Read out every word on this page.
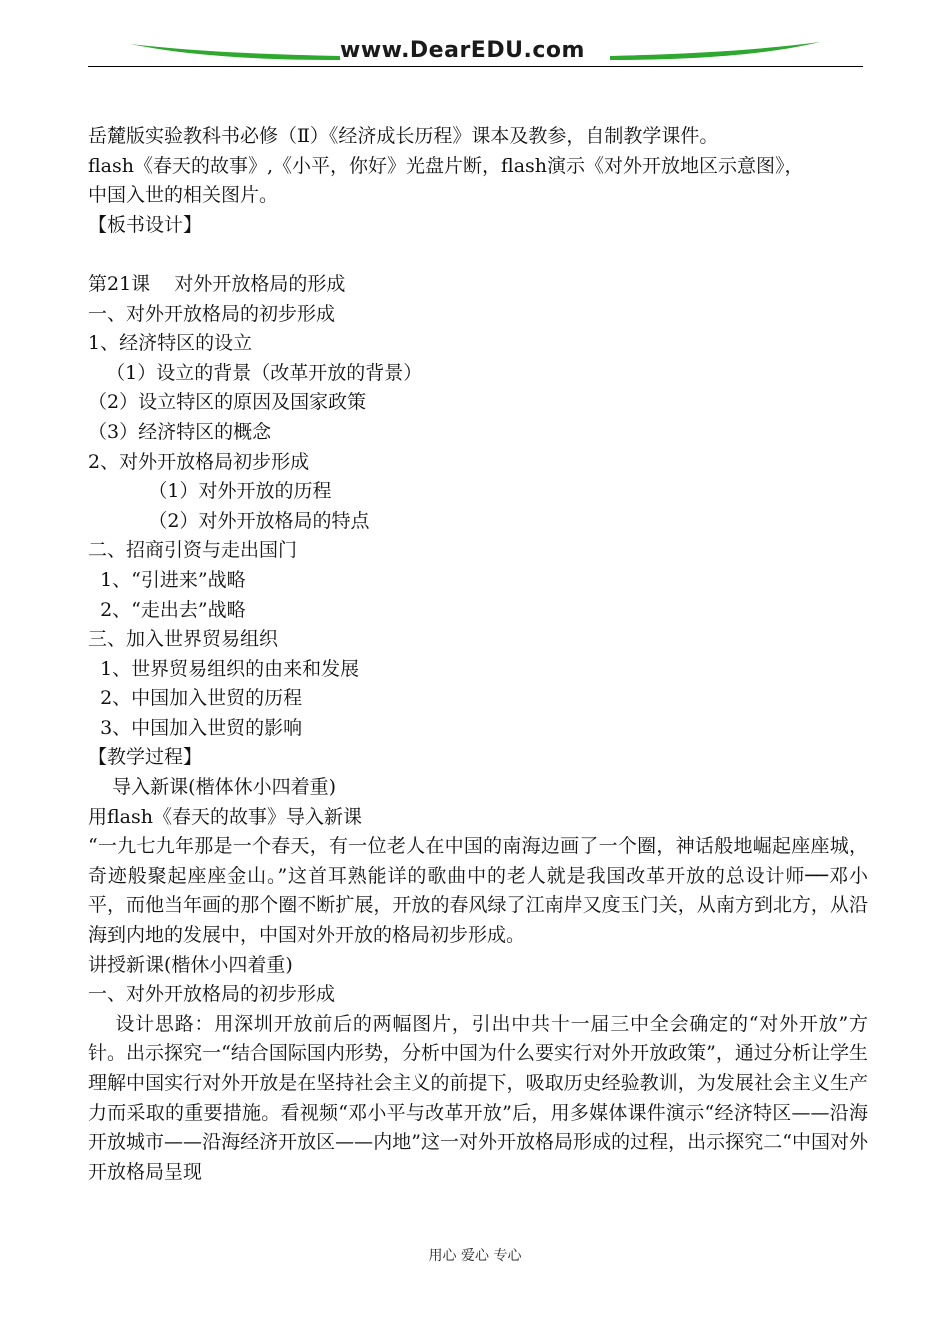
www.DearEDU.com

岳麓版实验教科书必修（Ⅱ）《经济成长历程》课本及教参，自制教学课件。

flash《春天的故事》,《小平，你好》光盘片断，flash演示《对外开放地区示意图》，

中国入世的相关图片。

【板书设计】

第21课    对外开放格局的形成

一、对外开放格局的初步形成

1、经济特区的设立

（1）设立的背景（改革开放的背景）

（2）设立特区的原因及国家政策

（3）经济特区的概念

2、对外开放格局初步形成

（1）对外开放的历程

（2）对外开放格局的特点

二、招商引资与走出国门

1、“引进来”战略

2、“走出去”战略

三、加入世界贸易组织

1、世界贸易组织的由来和发展

2、中国加入世贸的历程

3、中国加入世贸的影响

【教学过程】

导入新课(楷体休小四着重)

用flash《春天的故事》导入新课

“一九七九年那是一个春天，有一位老人在中国的南海边画了一个圈，神话般地崛起座座城，奇迹般聚起座座金山。”这首耳熟能详的歌曲中的老人就是我国改革开放的总设计师──邓小平，而他当年画的那个圈不断扩展，开放的春风绿了江南岸又度玉门关，从南方到北方，从沿海到内地的发展中，中国对外开放的格局初步形成。

讲授新课(楷休小四着重)

一、对外开放格局的初步形成

设计思路：用深圳开放前后的两幅图片，引出中共十一届三中全会确定的“对外开放”方针。出示探究一“结合国际国内形势，分析中国为什么要实行对外开放政策”，通过分析让学生理解中国实行对外开放是在坚持社会主义的前提下，吸取历史经验教训，为发展社会主义生产力而采取的重要措施。看视频“邓小平与改革开放”后，用多媒体课件演示“经济特区——沿海开放城市——沿海经济开放区——内地”这一对外开放格局形成的过程，出示探究二“中国对外开放格局呈现

用心 爱心 专心
